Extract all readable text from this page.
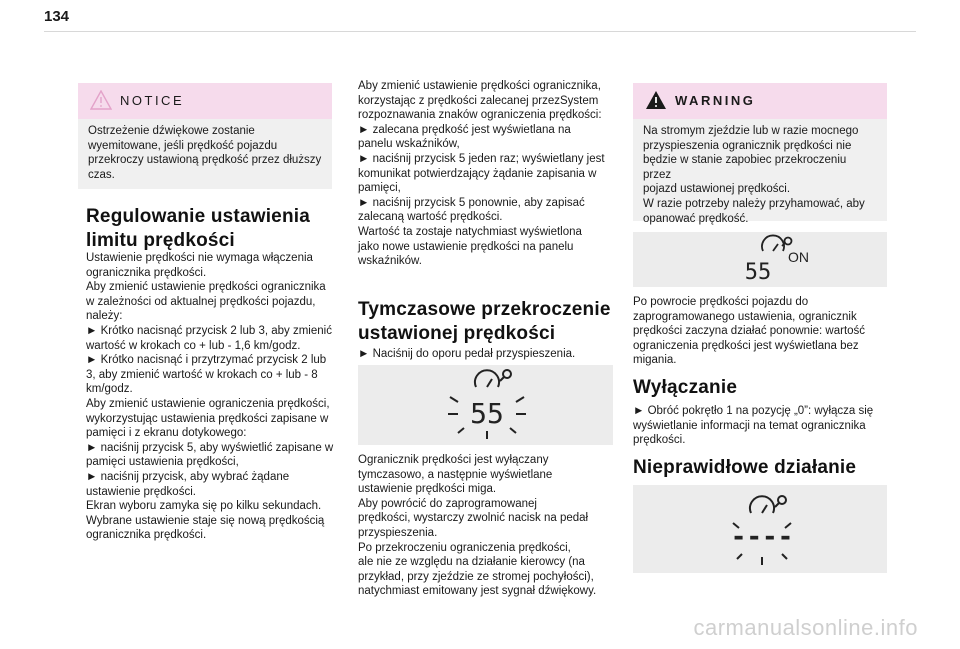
134
NOTICE

Ostrzeżenie dźwiękowe zostanie
wyemitowane, jeśli prędkość pojazdu
przekroczy ustawioną prędkość przez dłuższy
czas.

Regulowanie ustawienia
limitu prędkości

Ustawienie prędkości nie wymaga włączenia
ogranicznika prędkości.
Aby zmienić ustawienie prędkości ogranicznika
w zależności od aktualnej prędkości pojazdu,
należy:
► Krótko nacisnąć przycisk 2 lub 3, aby zmienić
wartość w krokach co + lub - 1,6 km/godz.
► Krótko nacisnąć i przytrzymać przycisk 2 lub
3, aby zmienić wartość w krokach co + lub - 8
km/godz.
Aby zmienić ustawienie ograniczenia prędkości,
wykorzystując ustawienia prędkości zapisane w
pamięci i z ekranu dotykowego:
► naciśnij przycisk 5, aby wyświetlić zapisane w
pamięci ustawienia prędkości,
► naciśnij przycisk, aby wybrać żądane
ustawienie prędkości.
Ekran wyboru zamyka się po kilku sekundach.
Wybrane ustawienie staje się nową prędkością
ogranicznika prędkości.

Aby zmienić ustawienie prędkości ogranicznika,
korzystając z prędkości zalecanej przezSystem
rozpoznawania znaków ograniczenia prędkości:
► zalecana prędkość jest wyświetlana na
panelu wskaźników,
► naciśnij przycisk 5 jeden raz; wyświetlany jest
komunikat potwierdzający żądanie zapisania w
pamięci,
► naciśnij przycisk 5 ponownie, aby zapisać
zalecaną wartość prędkości.
Wartość ta zostaje natychmiast wyświetlona
jako nowe ustawienie prędkości na panelu
wskaźników.

Tymczasowe przekroczenie
ustawionej prędkości

► Naciśnij do oporu pedał przyspieszenia.

55

Ogranicznik prędkości jest wyłączany
tymczasowo, a następnie wyświetlane
ustawienie prędkości miga.
Aby powrócić do zaprogramowanej
prędkości, wystarczy zwolnić nacisk na pedał
przyspieszenia.
Po przekroczeniu ograniczenia prędkości,
ale nie ze względu na działanie kierowcy (na
przykład, przy zjeździe ze stromej pochyłości),
natychmiast emitowany jest sygnał dźwiękowy.

WARNING

Na stromym zjeździe lub w razie mocnego
przyspieszenia ogranicznik prędkości nie
będzie w stanie zapobiec przekroczeniu przez
pojazd ustawionej prędkości.
W razie potrzeby należy przyhamować, aby
opanować prędkość.

55
ON

Po powrocie prędkości pojazdu do
zaprogramowanego ustawienia, ogranicznik
prędkości zaczyna działać ponownie: wartość
ograniczenia prędkości jest wyświetlana bez
migania.

Wyłączanie

► Obróć pokrętło 1 na pozycję „0”: wyłącza się
wyświetlanie informacji na temat ogranicznika
prędkości.

Nieprawidłowe działanie
----
carmanualsonline.info
